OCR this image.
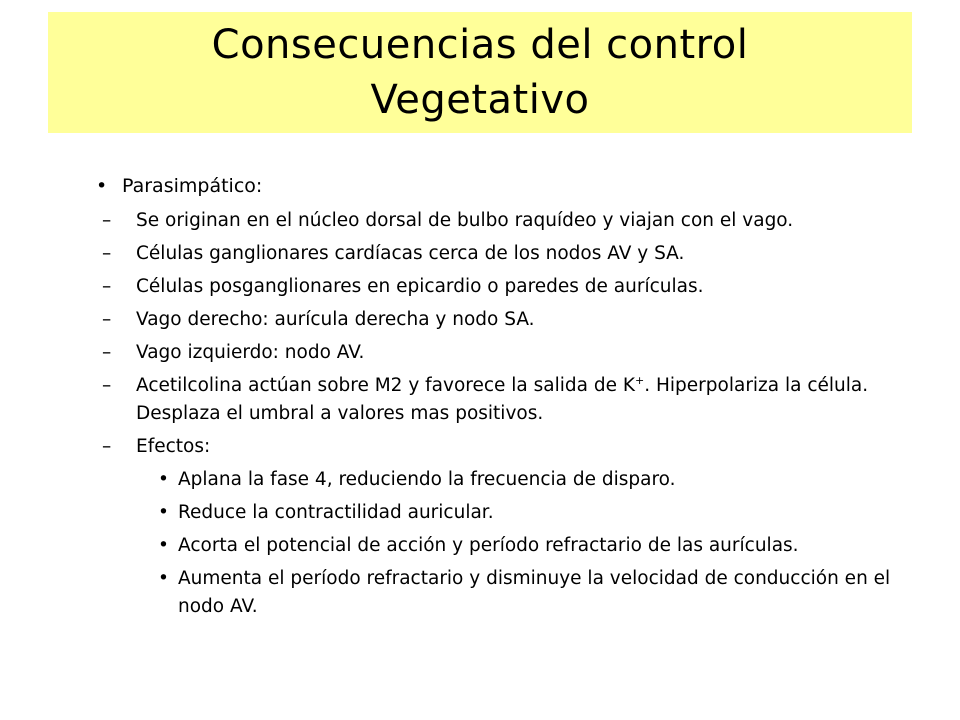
Consecuencias del control
Vegetativo
• Parasimpático:
– Se originan en el núcleo dorsal de bulbo raquídeo y viajan con el vago.
– Células ganglionares cardíacas cerca de los nodos AV y SA.
– Células posganglionares en epicardio o paredes de aurículas.
– Vago derecho: aurícula derecha y nodo SA.
– Vago izquierdo: nodo AV.
– Acetilcolina actúan sobre M2 y favorece la salida de K+. Hiperpolariza la célula. Desplaza el umbral a valores mas positivos.
– Efectos:
• Aplana la fase 4, reduciendo la frecuencia de disparo.
• Reduce la contractilidad auricular.
• Acorta el potencial de acción y período refractario de las aurículas.
• Aumenta el período refractario y disminuye la velocidad de conducción en el nodo AV.
